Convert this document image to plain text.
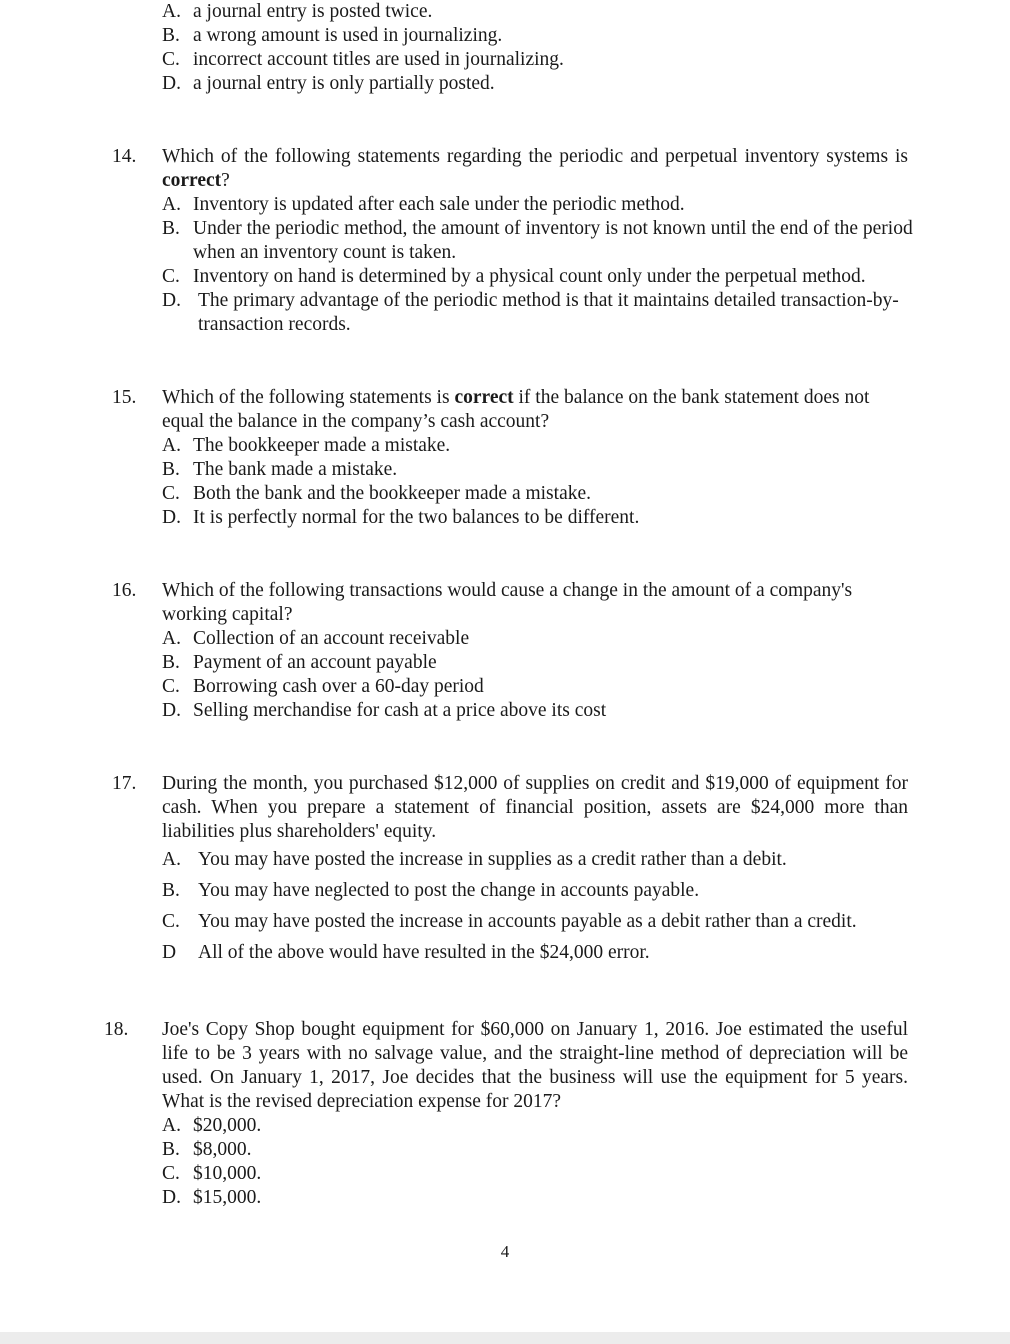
A. a journal entry is posted twice.
B. a wrong amount is used in journalizing.
C. incorrect account titles are used in journalizing.
D. a journal entry is only partially posted.
14. Which of the following statements regarding the periodic and perpetual inventory systems is correct?
A. Inventory is updated after each sale under the periodic method.
B. Under the periodic method, the amount of inventory is not known until the end of the period when an inventory count is taken.
C. Inventory on hand is determined by a physical count only under the perpetual method.
D. The primary advantage of the periodic method is that it maintains detailed transaction-by-transaction records.
15. Which of the following statements is correct if the balance on the bank statement does not equal the balance in the company’s cash account?
A. The bookkeeper made a mistake.
B. The bank made a mistake.
C. Both the bank and the bookkeeper made a mistake.
D. It is perfectly normal for the two balances to be different.
16. Which of the following transactions would cause a change in the amount of a company's working capital?
A. Collection of an account receivable
B. Payment of an account payable
C. Borrowing cash over a 60-day period
D. Selling merchandise for cash at a price above its cost
17. During the month, you purchased $12,000 of supplies on credit and $19,000 of equipment for cash. When you prepare a statement of financial position, assets are $24,000 more than liabilities plus shareholders' equity.
A. You may have posted the increase in supplies as a credit rather than a debit.
B. You may have neglected to post the change in accounts payable.
C. You may have posted the increase in accounts payable as a debit rather than a credit.
D All of the above would have resulted in the $24,000 error.
18. Joe's Copy Shop bought equipment for $60,000 on January 1, 2016. Joe estimated the useful life to be 3 years with no salvage value, and the straight-line method of depreciation will be used. On January 1, 2017, Joe decides that the business will use the equipment for 5 years. What is the revised depreciation expense for 2017?
A. $20,000.
B. $8,000.
C. $10,000.
D. $15,000.
4
